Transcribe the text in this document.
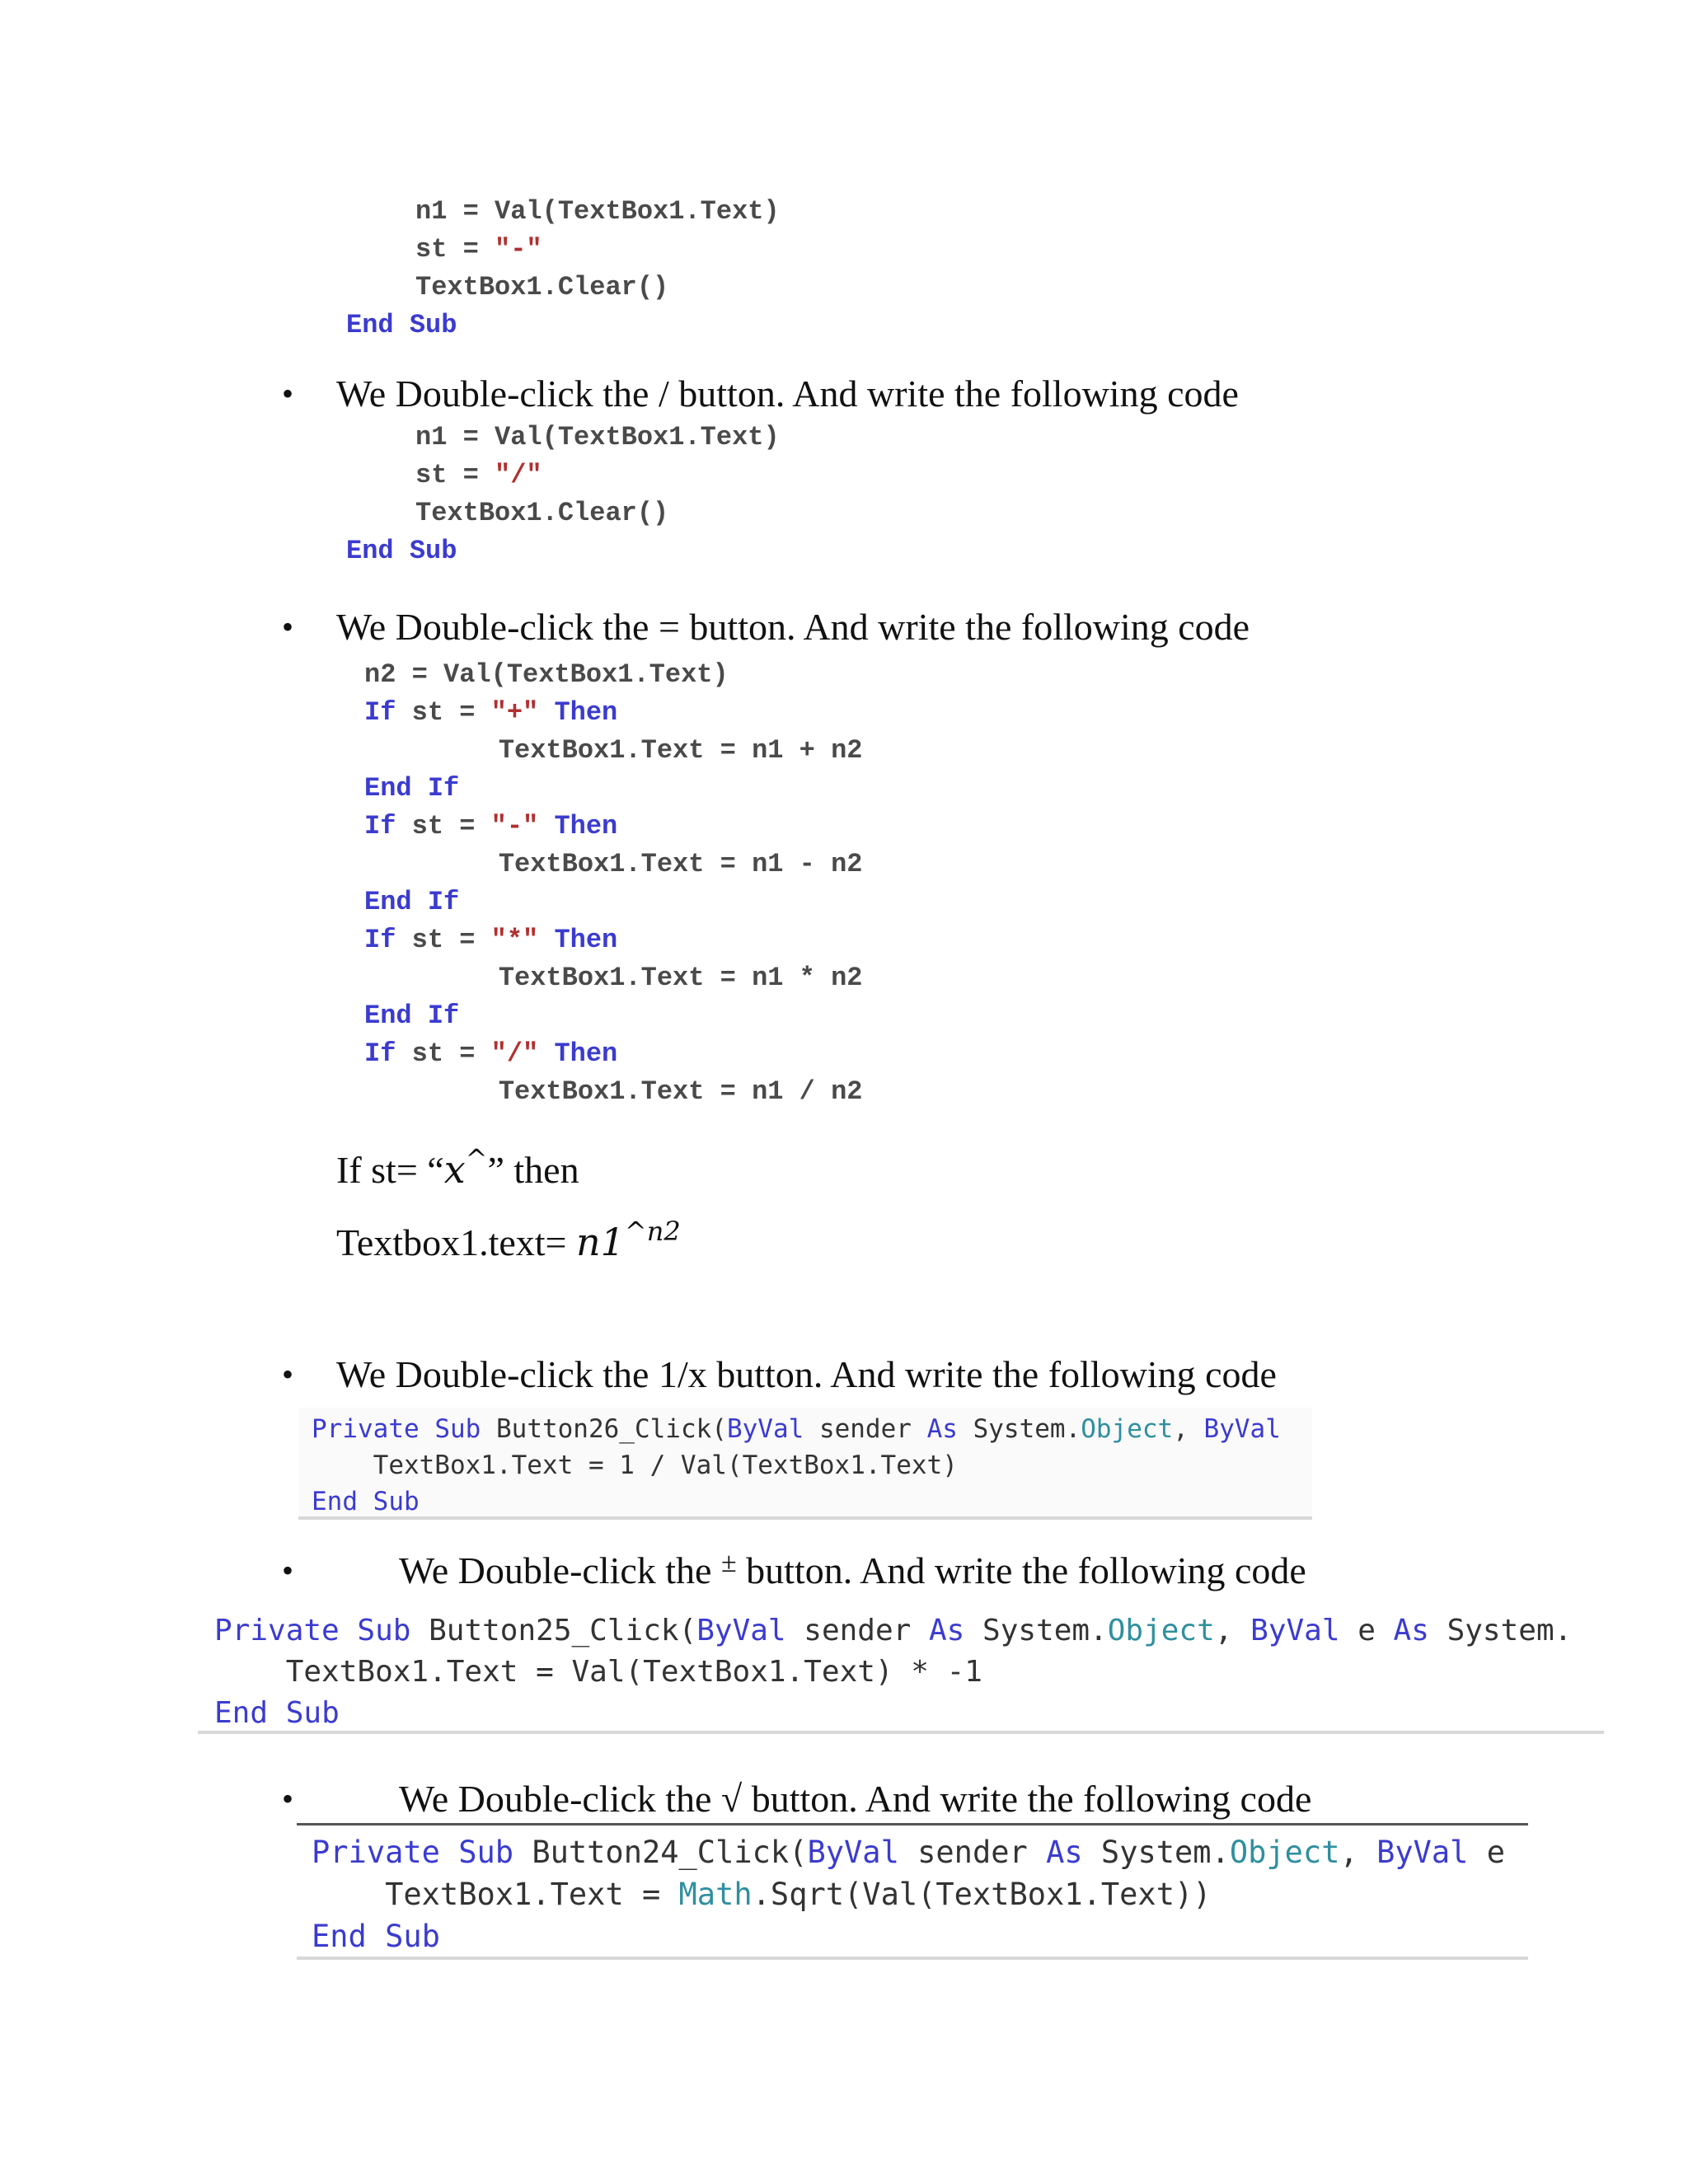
n1 = Val(TextBox1.Text)
st = "-"
TextBox1.Clear()
End Sub
• We Double-click the / button. And write the following code
n1 = Val(TextBox1.Text)
st = "/"
TextBox1.Clear()
End Sub
• We Double-click the = button. And write the following code
n2 = Val(TextBox1.Text)
If st = "+" Then
TextBox1.Text = n1 + n2
End If
If st = "-" Then
TextBox1.Text = n1 - n2
End If
If st = "*" Then
TextBox1.Text = n1 * n2
End If
If st = "/" Then
TextBox1.Text = n1 / n2
If st= “x^” then
Textbox1.text= $n1^{\^{}n2}$
• We Double-click the 1/x button. And write the following code
Private Sub Button26_Click(ByVal sender As System.Object, ByVal
TextBox1.Text = 1 / Val(TextBox1.Text)
End Sub
•	We Double-click the ± button. And write the following code
Private Sub Button25_Click(ByVal sender As System.Object, ByVal e As System.
TextBox1.Text = Val(TextBox1.Text) * -1
End Sub
•	We Double-click the √ button. And write the following code
Private Sub Button24_Click(ByVal sender As System.Object, ByVal e
TextBox1.Text = Math.Sqrt(Val(TextBox1.Text))
End Sub
